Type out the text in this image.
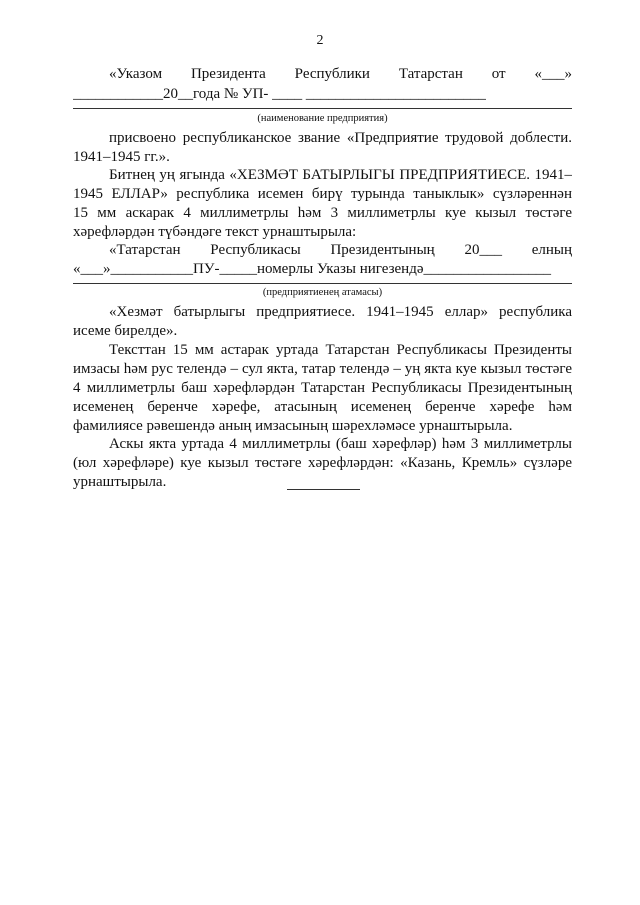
2
«Указом Президента Республики Татарстан от «___»
____________20__года № УП- ____ ________________________
(наименование предприятия)
присвоено республиканское звание «Предприятие трудовой доблести.
1941–1945 гг.».
Битнең уң ягында «ХЕЗМӘТ БАТЫРЛЫГЫ ПРЕДПРИЯТИЕСЕ. 1941–
1945 ЕЛЛАР» республика исемен бирү турында таныклык» сүзләреннән
15 мм аскарак 4 миллиметрлы һәм 3 миллиметрлы куе кызыл төстәге
хәрефләрдән түбәндәге текст урнаштырыла:
«Татарстан Республикасы Президентының 20___ елның
«___»___________ПУ-_____номерлы Указы нигезендә_________________
(предприятиенең атамасы)
«Хезмәт батырлыгы предприятиесе. 1941–1945 еллар» республика
исеме бирелде».
Тексттан 15 мм астарак уртада Татарстан Республикасы Президенты
имзасы һәм рус телендә – сул якта, татар телендә – уң якта куе кызыл төстәге
4 миллиметрлы баш хәрефләрдән Татарстан Республикасы Президентының
исеменең беренче хәрефе, атасының исеменең беренче хәрефе һәм
фамилиясе рәвешендә аның имзасының шәрехләмәсе урнаштырыла.
Аскы якта уртада 4 миллиметрлы (баш хәрефләр) һәм 3 миллиметрлы
(юл хәрефләре) куе кызыл төстәге хәрефләрдән: «Казань, Кремль» сүзләре
урнаштырыла.
